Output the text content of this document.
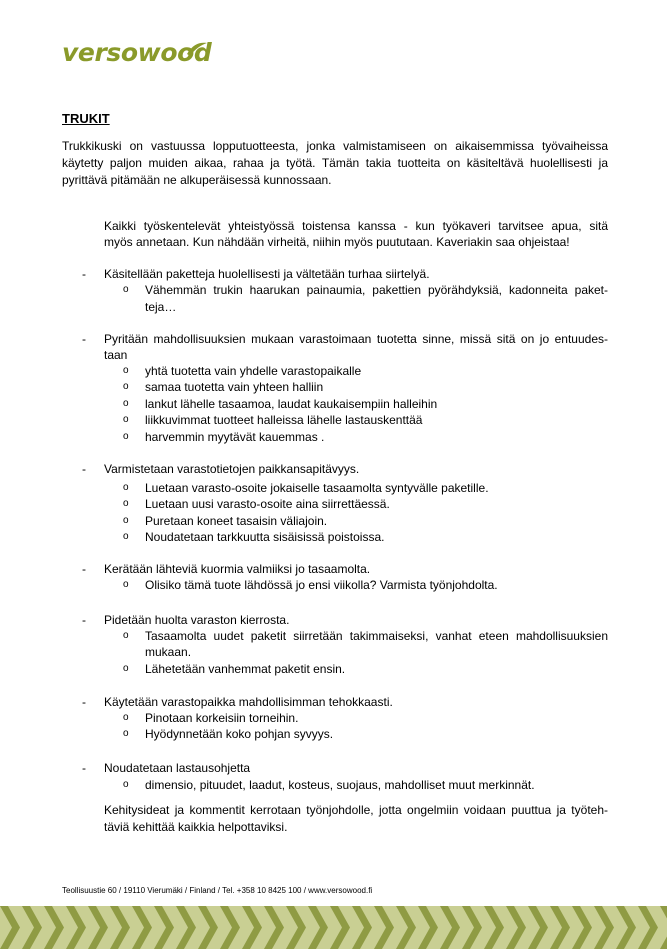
versowood
TRUKIT
Trukkikuski on vastuussa lopputuotteesta, jonka valmistamiseen on aikaisemmissa työvaiheissa
käytetty paljon muiden aikaa, rahaa ja työtä. Tämän takia tuotteita on käsiteltävä huolellisesti ja
pyrittävä pitämään ne alkuperäisessä kunnossaan.
Kaikki työskentelevät yhteistyössä toistensa kanssa - kun työkaveri tarvitsee apua, sitä
myös annetaan. Kun nähdään virheitä, niihin myös puututaan. Kaveriakin saa ohjeistaa!
- Käsitellään paketteja huolellisesti ja vältetään turhaa siirtelyä.
o Vähemmän trukin haarukan painaumia, pakettien pyörähdyksiä, kadonneita paket-
teja…
- Pyritään mahdollisuuksien mukaan varastoimaan tuotetta sinne, missä sitä on jo entuudes-
taan
o yhtä tuotetta vain yhdelle varastopaikalle
o samaa tuotetta vain yhteen halliin
o lankut lähelle tasaamoa, laudat kaukaisempiin halleihin
o liikkuvimmat tuotteet halleissa lähelle lastauskenttää
o harvemmin myytävät kauemmas .
- Varmistetaan varastotietojen paikkansapitävyys.
o Luetaan varasto-osoite jokaiselle tasaamolta syntyvälle paketille.
o Luetaan uusi varasto-osoite aina siirrettäessä.
o Puretaan koneet tasaisin väliajoin.
o Noudatetaan tarkkuutta sisäisissä poistoissa.
- Kerätään lähteviä kuormia valmiiksi jo tasaamolta.
o Olisiko tämä tuote lähdössä jo ensi viikolla? Varmista työnjohdolta.
- Pidetään huolta varaston kierrosta.
o Tasaamolta uudet paketit siirretään takimmaiseksi, vanhat eteen mahdollisuuksien
mukaan.
o Lähetetään vanhemmat paketit ensin.
- Käytetään varastopaikka mahdollisimman tehokkaasti.
o Pinotaan korkeisiin torneihin.
o Hyödynnetään koko pohjan syvyys.
- Noudatetaan lastausohjetta
o dimensio, pituudet, laadut, kosteus, suojaus, mahdolliset muut merkinnät.
Kehitysideat ja kommentit kerrotaan työnjohdolle, jotta ongelmiin voidaan puuttua ja työteh-
täviä kehittää kaikkia helpottaviksi.
Teollisuustie 60 / 19110 Vierumäki / Finland / Tel. +358 10 8425 100 / www.versowood.fi
